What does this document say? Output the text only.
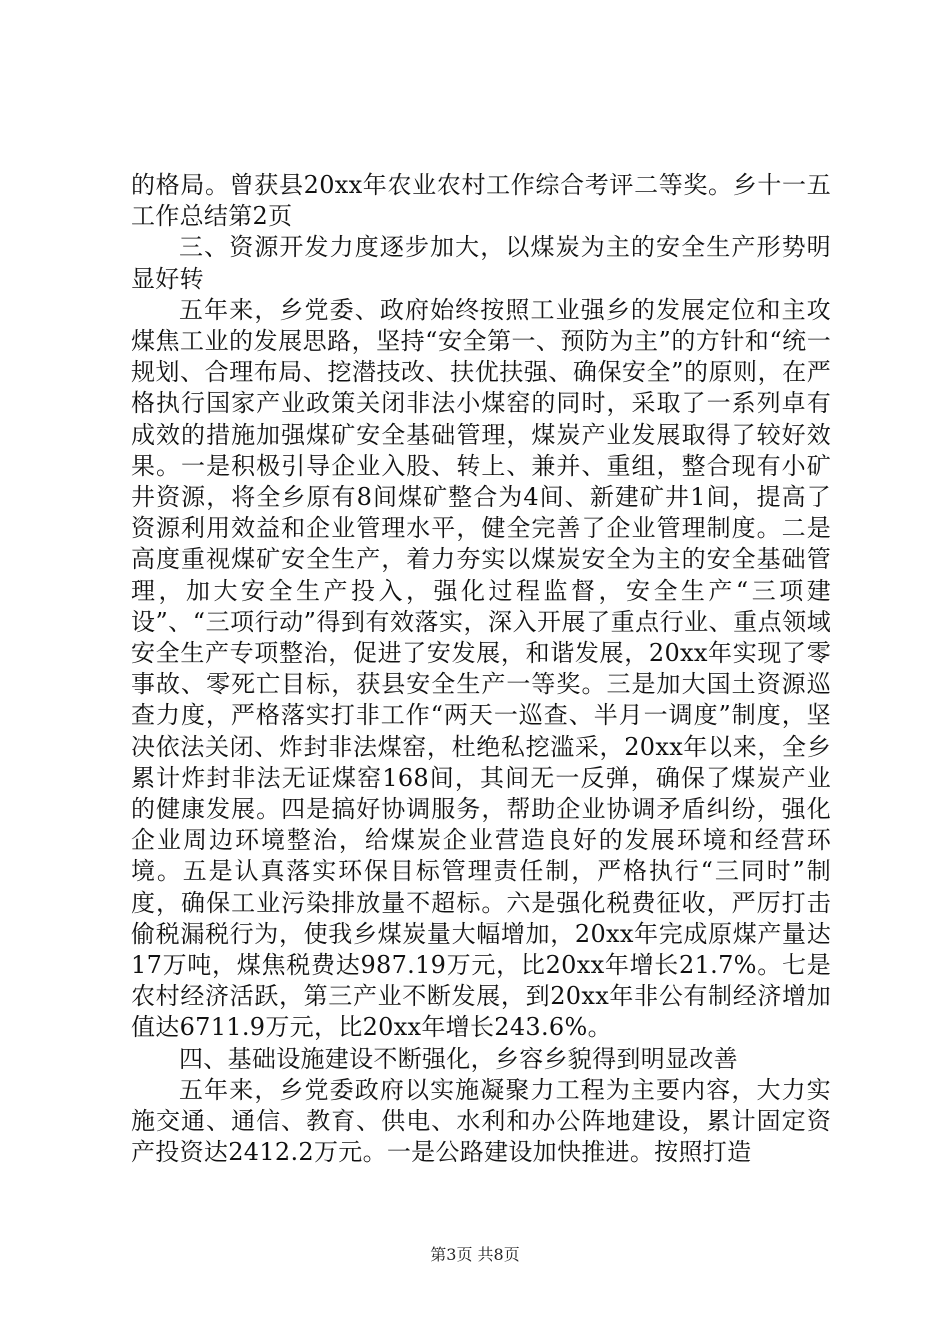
的格局。曾获县20xx年农业农村工作综合考评二等奖。乡十一五工作总结第2页

三、资源开发力度逐步加大，以煤炭为主的安全生产形势明显好转

五年来，乡党委、政府始终按照工业强乡的发展定位和主攻煤焦工业的发展思路，坚持“安全第一、预防为主”的方针和“统一规划、合理布局、挖潜技改、扶优扶强、确保安全”的原则，在严格执行国家产业政策关闭非法小煤窑的同时，采取了一系列卓有成效的措施加强煤矿安全基础管理，煤炭产业发展取得了较好效果。一是积极引导企业入股、转上、兼并、重组，整合现有小矿井资源，将全乡原有8间煤矿整合为4间、新建矿井1间，提高了资源利用效益和企业管理水平，健全完善了企业管理制度。二是高度重视煤矿安全生产，着力夯实以煤炭安全为主的安全基础管理，加大安全生产投入，强化过程监督，安全生产“三项建设”、“三项行动”得到有效落实，深入开展了重点行业、重点领域安全生产专项整治，促进了安发展，和谐发展，20xx年实现了零事故、零死亡目标，获县安全生产一等奖。三是加大国土资源巡查力度，严格落实打非工作“两天一巡查、半月一调度”制度，坚决依法关闭、炸封非法煤窑，杜绝私挖滥采，20xx年以来，全乡累计炸封非法无证煤窑168间，其间无一反弹，确保了煤炭产业的健康发展。四是搞好协调服务，帮助企业协调矛盾纠纷，强化企业周边环境整治，给煤炭企业营造良好的发展环境和经营环境。五是认真落实环保目标管理责任制，严格执行“三同时”制度，确保工业污染排放量不超标。六是强化税费征收，严厉打击偷税漏税行为，使我乡煤炭量大幅增加，20xx年完成原煤产量达17万吨，煤焦税费达987.19万元，比20xx年增长21.7%。七是农村经济活跃，第三产业不断发展，到20xx年非公有制经济增加值达6711.9万元，比20xx年增长243.6%。

四、基础设施建设不断强化，乡容乡貌得到明显改善

五年来，乡党委政府以实施凝聚力工程为主要内容，大力实施交通、通信、教育、供电、水利和办公阵地建设，累计固定资产投资达2412.2万元。一是公路建设加快推进。按照打造

第3页 共8页
